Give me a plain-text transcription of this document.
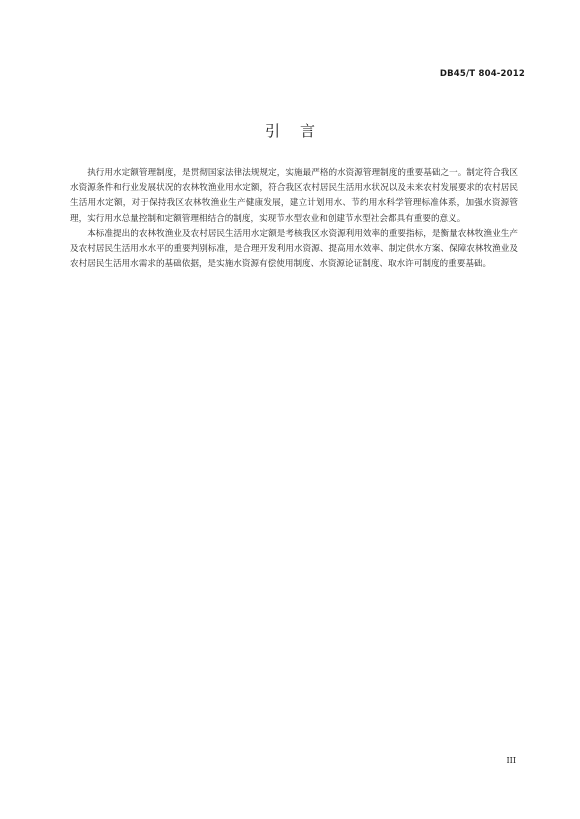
DB45/T 804-2012
引言

执行用水定额管理制度，是贯彻国家法律法规规定，实施最严格的水资源管理制度的重要基础之一。制定符合我区水资源条件和行业发展状况的农林牧渔业用水定额，符合我区农村居民生活用水状况以及未来农村发展要求的农村居民生活用水定额，对于保持我区农林牧渔业生产健康发展，建立计划用水、节约用水科学管理标准体系，加强水资源管理，实行用水总量控制和定额管理相结合的制度，实现节水型农业和创建节水型社会都具有重要的意义。

本标准提出的农林牧渔业及农村居民生活用水定额是考核我区水资源利用效率的重要指标，是衡量农林牧渔业生产及农村居民生活用水水平的重要判别标准，是合理开发利用水资源、提高用水效率、制定供水方案、保障农林牧渔业及农村居民生活用水需求的基础依据，是实施水资源有偿使用制度、水资源论证制度、取水许可制度的重要基础。

III
